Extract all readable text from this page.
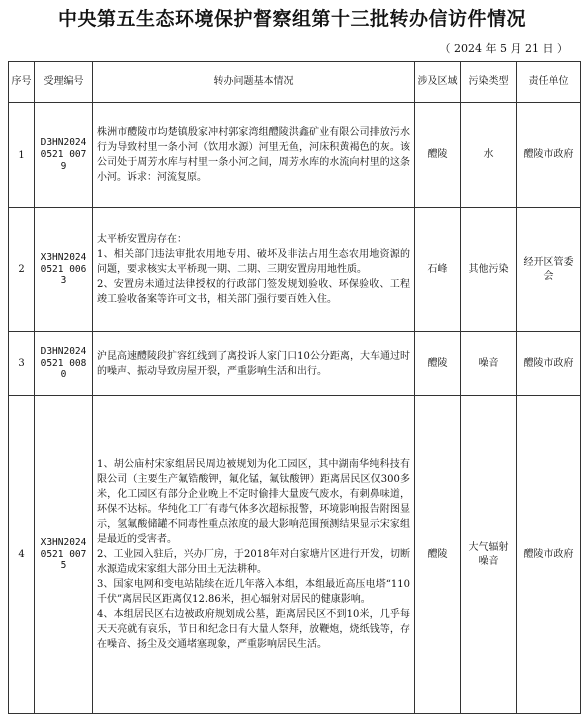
中央第五生态环境保护督察组第十三批转办信访件情况
（ 2024 年 5 月 21 日 ）
序号	受理编号	转办问题基本情况	涉及区域	污染类型	责任单位
1	D3HN20240521 0079	株洲市醴陵市均楚镇殷家冲村郭家湾组醴陵洪鑫矿业有限公司排放污水行为导致村里一条小河（饮用水源）河里无鱼，河床积黄褐色的灰。该公司处于周芳水库与村里一条小河之间，周芳水库的水流向村里的这条小河。诉求：河流复原。	醴陵	水	醴陵市政府
2	X3HN20240521 0063	太平桥安置房存在：

1、相关部门违法审批农用地专用、破坏及非法占用生态农用地资源的问题，要求核实太平桥现一期、二期、三期安置房用地性质。

2、安置房未通过法律授权的行政部门签发规划验收、环保验收、工程竣工验收备案等许可文书，相关部门强行要百姓入住。	石峰	其他污染	经开区管委会
3	D3HN20240521 0080	沪昆高速醴陵段扩容红线到了离投诉人家门口10公分距离，大车通过时的噪声、振动导致房屋开裂，严重影响生活和出行。	醴陵	噪音	醴陵市政府
4	X3HN20240521 0075	1、胡公庙村宋家组居民周边被规划为化工园区，其中湖南华纯科技有限公司（主要生产氟锆酸钾，氟化锰，氟钛酸钾）距离居民区仅300多米，化工园区有部分企业晚上不定时偷排大量废气废水，有刺鼻味道，环保不达标。华纯化工厂有毒气体多次超标报警，环境影响报告附图显示，氢氟酸储罐不同毒性重点浓度的最大影响范围预测结果显示宋家组是最近的受害者。

2、工业园入驻后，兴办厂房，于2018年对白家塘片区进行开发，切断水源造成宋家组大部分田土无法耕种。

3、国家电网和变电站陆续在近几年落入本组，本组最近高压电塔“110千伏”离居民区距离仅12.86米，担心辐射对居民的健康影响。

4、本组居民区右边被政府规划成公墓，距离居民区不到10米，几乎每天天亮就有哀乐，节日和纪念日有大量人祭拜，放鞭炮，烧纸钱等，存在噪音、扬尘及交通堵塞现象，严重影响居民生活。	醴陵	大气辐射噪音	醴陵市政府
